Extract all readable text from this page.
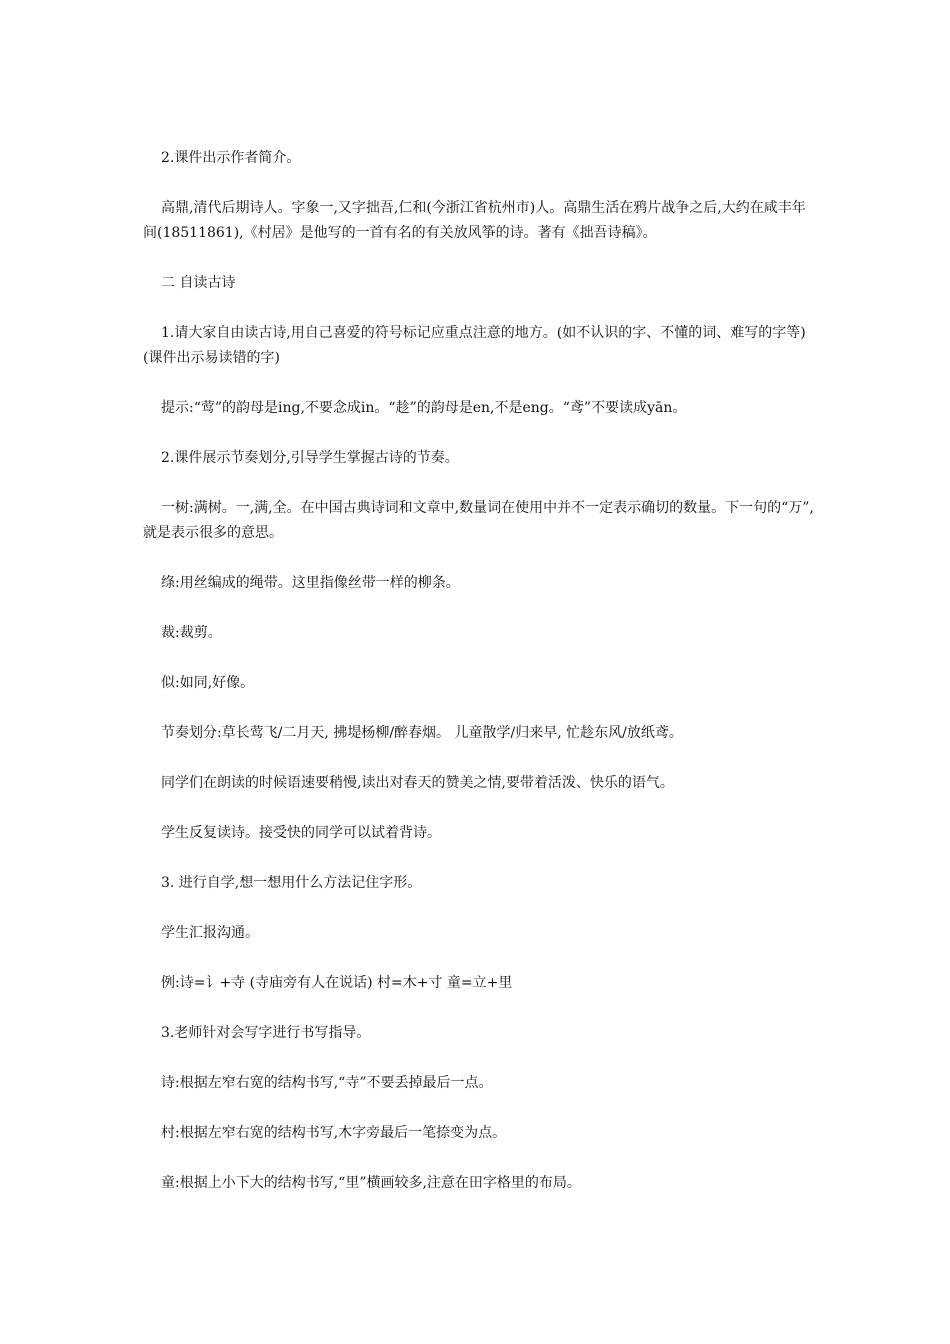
2.课件出示作者简介。

高鼎,清代后期诗人。字象一,又字拙吾,仁和(今浙江省杭州市)人。高鼎生活在鸦片战争之后,大约在咸丰年间(18511861),《村居》是他写的一首有名的有关放风筝的诗。著有《拙吾诗稿》。

二 自读古诗

1.请大家自由读古诗,用自己喜爱的符号标记应重点注意的地方。(如不认识的字、不懂的词、难写的字等)(课件出示易读错的字)

提示:“莺”的韵母是ing,不要念成in。“趁”的韵母是en,不是eng。“鸢”不要读成yān。

2.课件展示节奏划分,引导学生掌握古诗的节奏。

一树:满树。一,满,全。在中国古典诗词和文章中,数量词在使用中并不一定表示确切的数量。下一句的“万”,就是表示很多的意思。

绦:用丝编成的绳带。这里指像丝带一样的柳条。

裁:裁剪。

似:如同,好像。

节奏划分:草长莺飞/二月天, 拂堤杨柳/醉春烟。 儿童散学/归来早, 忙趁东风/放纸鸢。

同学们在朗读的时候语速要稍慢,读出对春天的赞美之情,要带着活泼、快乐的语气。

学生反复读诗。接受快的同学可以试着背诗。

3. 进行自学,想一想用什么方法记住字形。

学生汇报沟通。

例:诗=讠+寺 (寺庙旁有人在说话) 村=木+寸 童=立+里

3.老师针对会写字进行书写指导。

诗:根据左窄右宽的结构书写,“寺”不要丢掉最后一点。

村:根据左窄右宽的结构书写,木字旁最后一笔捺变为点。

童:根据上小下大的结构书写,“里”横画较多,注意在田字格里的布局。
